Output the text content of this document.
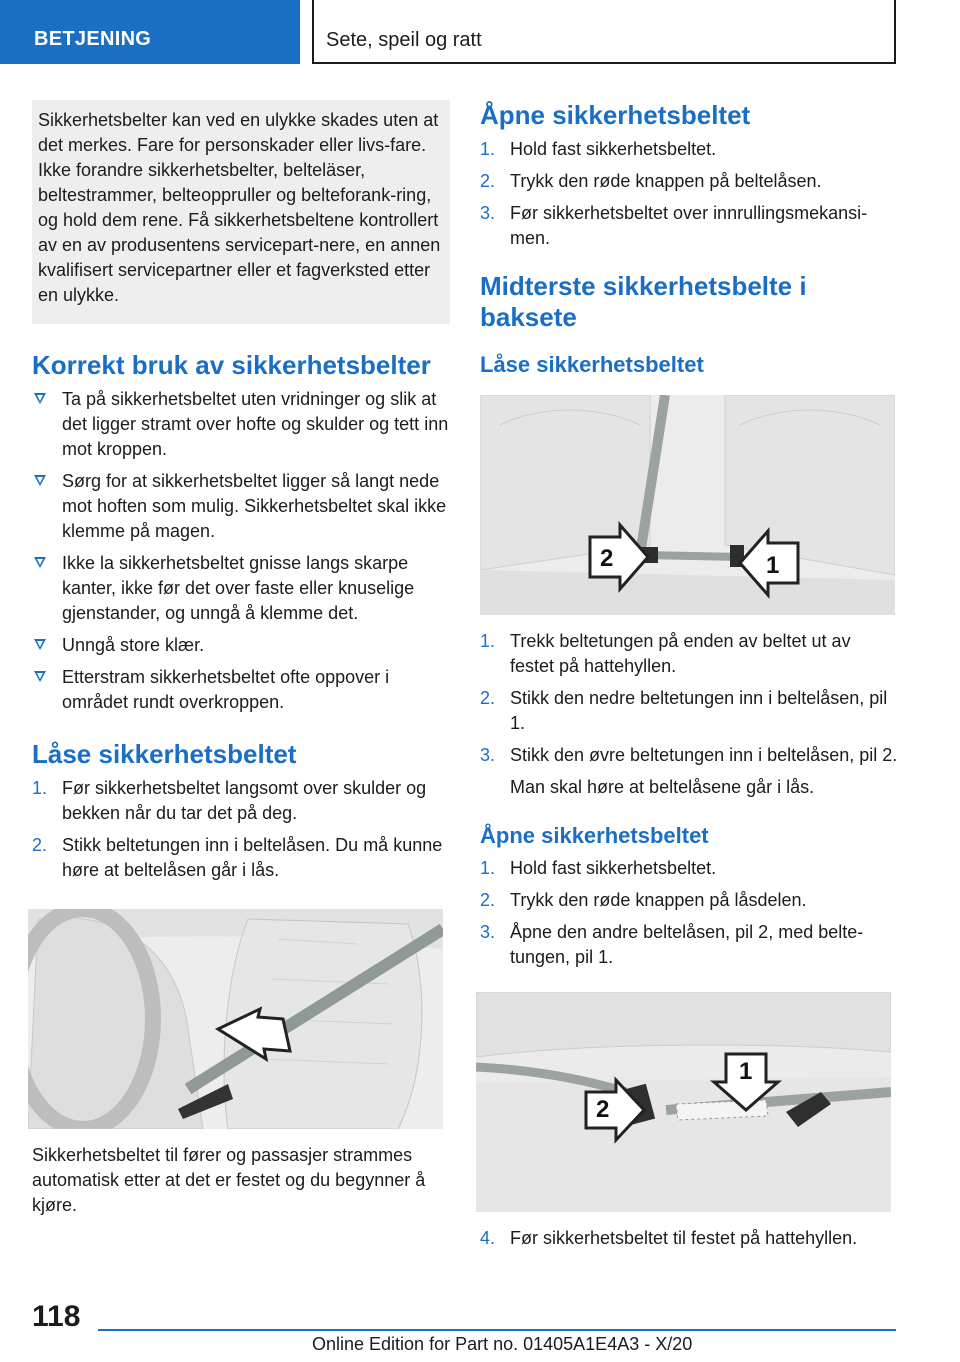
BETJENING	Sete, speil og ratt
Sikkerhetsbelter kan ved en ulykke skades uten at det merkes. Fare for personskader eller livs-fare. Ikke forandre sikkerhetsbelter, belteläser, beltestrammer, belteoppruller og belteforank-ring, og hold dem rene. Få sikkerhetsbeltene kontrollert av en av produsentens servicepart-nere, en annen kvalifisert servicepartner eller et fagverksted etter en ulykke.
Korrekt bruk av sikkerhetsbelter
Ta på sikkerhetsbeltet uten vridninger og slik at det ligger stramt over hofte og skulder og tett inn mot kroppen.
Sørg for at sikkerhetsbeltet ligger så langt nede mot hoften som mulig. Sikkerhetsbeltet skal ikke klemme på magen.
Ikke la sikkerhetsbeltet gnisse langs skarpe kanter, ikke før det over faste eller knuselige gjenstander, og unngå å klemme det.
Unngå store klær.
Etterstram sikkerhetsbeltet ofte oppover i området rundt overkroppen.
Låse sikkerhetsbeltet
1. Før sikkerhetsbeltet langsomt over skulder og bekken når du tar det på deg.
2. Stikk beltetungen inn i beltelåsen. Du må kunne høre at beltelåsen går i lås.

Sikkerhetsbeltet til fører og passasjer strammes automatisk etter at det er festet og du begynner å kjøre.

Åpne sikkerhetsbeltet
1. Hold fast sikkerhetsbeltet.
2. Trykk den røde knappen på beltelåsen.
3. Før sikkerhetsbeltet over innrullingsmekansi-men.
Midterste sikkerhetsbelte i baksete
Låse sikkerhetsbeltet
2	1
1. Trekk beltetungen på enden av beltet ut av festet på hattehyllen.
2. Stikk den nedre beltetungen inn i beltelåsen, pil 1.
3. Stikk den øvre beltetungen inn i beltelåsen, pil 2.

Man skal høre at beltelåsene går i lås.

Åpne sikkerhetsbeltet
1. Hold fast sikkerhetsbeltet.
2. Trykk den røde knappen på låsdelen.
3. Åpne den andre beltelåsen, pil 2, med belte-tungen, pil 1.
2
1
4. Før sikkerhetsbeltet til festet på hattehyllen.
118
Online Edition for Part no. 01405A1E4A3 - X/20
